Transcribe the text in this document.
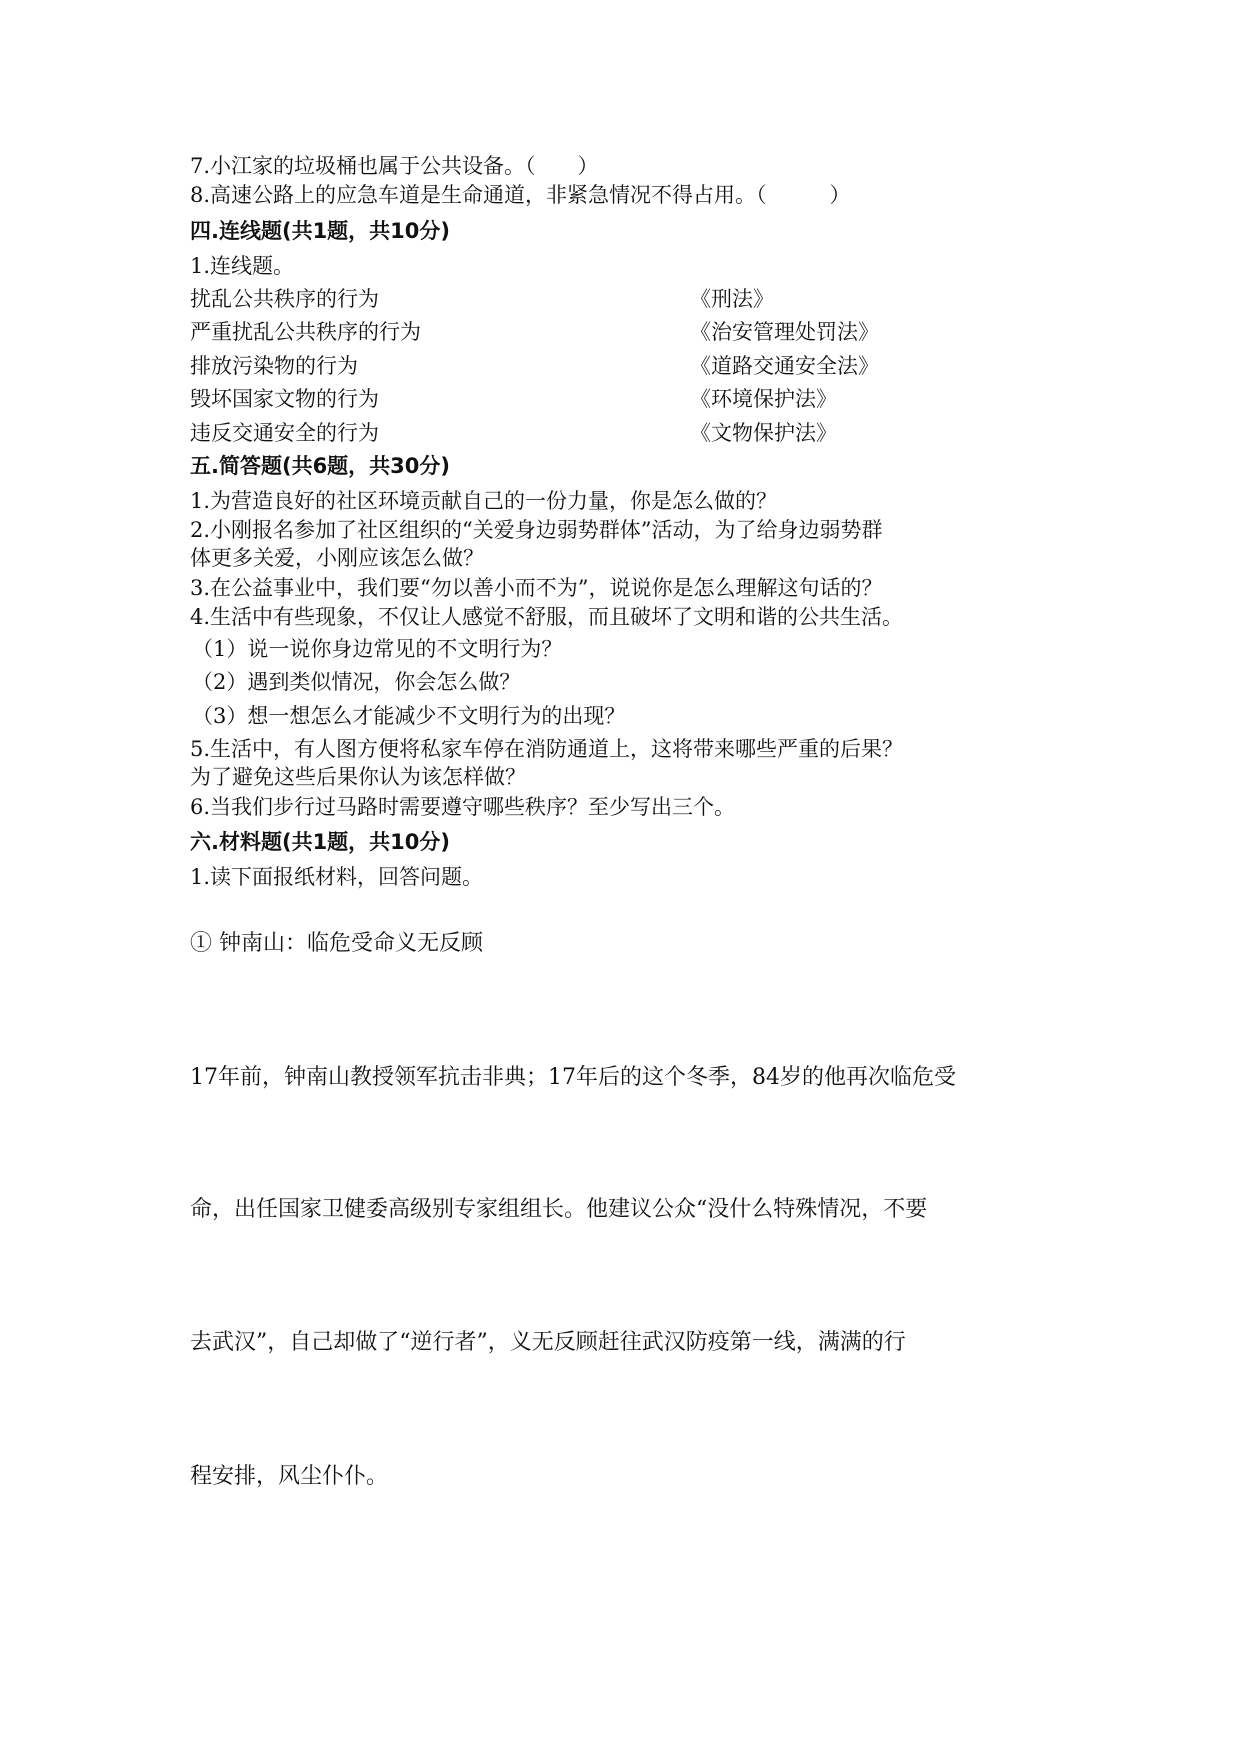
7.小江家的垃圾桶也属于公共设备。（　　）
8.高速公路上的应急车道是生命通道，非紧急情况不得占用。（　　　）
四.连线题(共1题，共10分)
1.连线题。
扰乱公共秩序的行为
严重扰乱公共秩序的行为
排放污染物的行为
毁坏国家文物的行为
违反交通安全的行为
《刑法》
《治安管理处罚法》
《道路交通安全法》
《环境保护法》
《文物保护法》
五.简答题(共6题，共30分)
1.为营造良好的社区环境贡献自己的一份力量，你是怎么做的？
2.小刚报名参加了社区组织的“关爱身边弱势群体”活动，为了给身边弱势群
体更多关爱，小刚应该怎么做？
3.在公益事业中，我们要“勿以善小而不为”，说说你是怎么理解这句话的？
4.生活中有些现象，不仅让人感觉不舒服，而且破坏了文明和谐的公共生活。
（1）说一说你身边常见的不文明行为？
（2）遇到类似情况，你会怎么做？
（3）想一想怎么才能减少不文明行为的出现？
5.生活中，有人图方便将私家车停在消防通道上，这将带来哪些严重的后果？
为了避免这些后果你认为该怎样做？
6.当我们步行过马路时需要遵守哪些秩序？至少写出三个。
六.材料题(共1题，共10分)
1.读下面报纸材料，回答问题。
① 钟南山：临危受命义无反顾
17年前，钟南山教授领军抗击非典；17年后的这个冬季，84岁的他再次临危受
命，出任国家卫健委高级别专家组组长。他建议公众“没什么特殊情况，不要
去武汉”，自己却做了“逆行者”，义无反顾赶往武汉防疫第一线，满满的行
程安排，风尘仆仆。
